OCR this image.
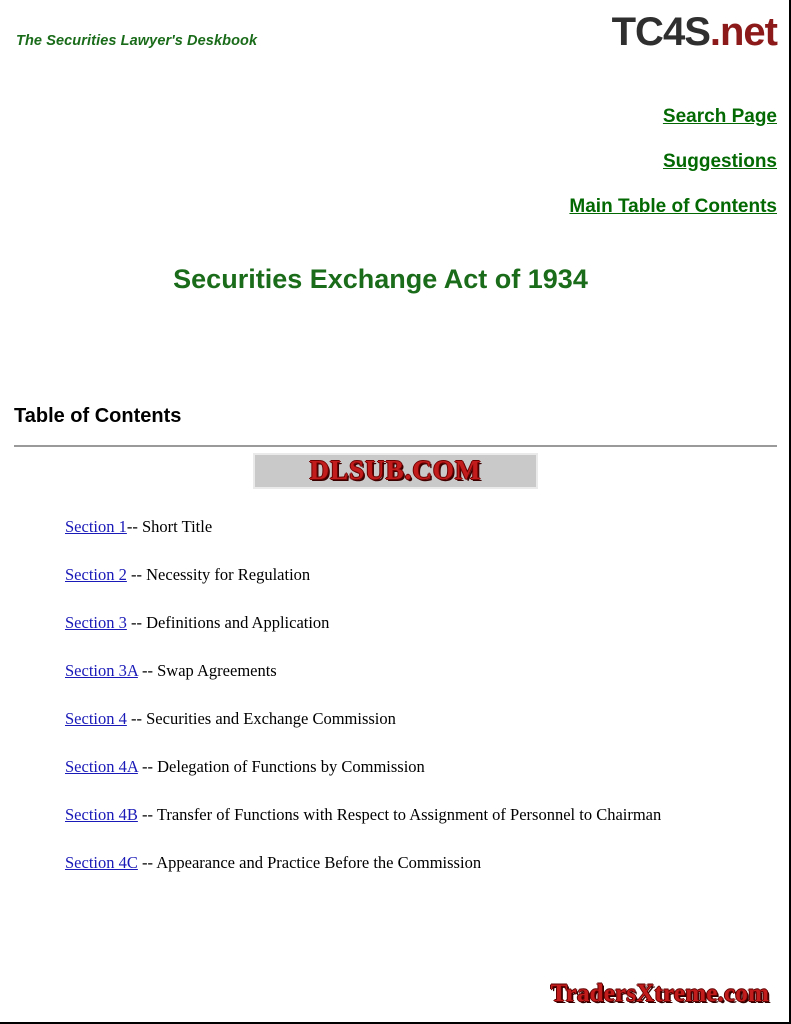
The Securities Lawyer's Deskbook	TC4S.net
Search Page
Suggestions
Main Table of Contents
Securities Exchange Act of 1934
Table of Contents
DLSUB.COM
Section 1-- Short Title
Section 2 -- Necessity for Regulation
Section 3 -- Definitions and Application
Section 3A -- Swap Agreements
Section 4 -- Securities and Exchange Commission
Section 4A -- Delegation of Functions by Commission
Section 4B -- Transfer of Functions with Respect to Assignment of Personnel to Chairman
Section 4C -- Appearance and Practice Before the Commission
TradersXtreme.com
